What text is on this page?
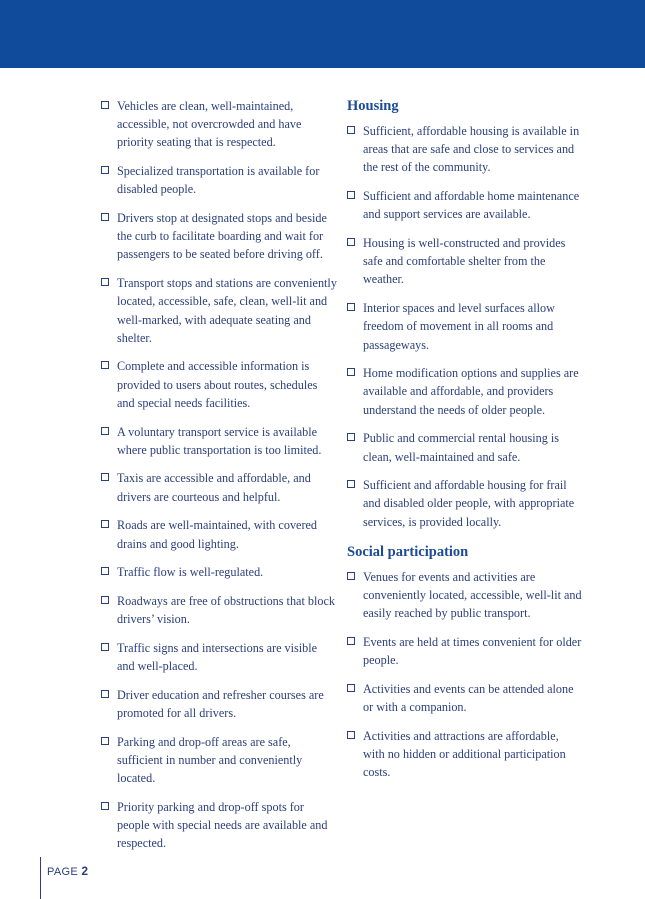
Vehicles are clean, well-maintained, accessible, not overcrowded and have priority seating that is respected.
Specialized transportation is available for disabled people.
Drivers stop at designated stops and beside the curb to facilitate boarding and wait for passengers to be seated before driving off.
Transport stops and stations are conveniently located, accessible, safe, clean, well-lit and well-marked, with adequate seating and shelter.
Complete and accessible information is provided to users about routes, schedules and special needs facilities.
A voluntary transport service is available where public transportation is too limited.
Taxis are accessible and affordable, and drivers are courteous and helpful.
Roads are well-maintained, with covered drains and good lighting.
Traffic flow is well-regulated.
Roadways are free of obstructions that block drivers’ vision.
Traffic signs and intersections are visible and well-placed.
Driver education and refresher courses are promoted for all drivers.
Parking and drop-off areas are safe, sufficient in number and conveniently located.
Priority parking and drop-off spots for people with special needs are available and respected.
Housing
Sufficient, affordable housing is available in areas that are safe and close to services and the rest of the community.
Sufficient and affordable home maintenance and support services are available.
Housing is well-constructed and provides safe and comfortable shelter from the weather.
Interior spaces and level surfaces allow freedom of movement in all rooms and passageways.
Home modification options and supplies are available and affordable, and providers understand the needs of older people.
Public and commercial rental housing is clean, well-maintained and safe.
Sufficient and affordable housing for frail and disabled older people, with appropriate services, is provided locally.
Social participation
Venues for events and activities are conveniently located, accessible, well-lit and easily reached by public transport.
Events are held at times convenient for older people.
Activities and events can be attended alone or with a companion.
Activities and attractions are affordable, with no hidden or additional participation costs.
PAGE 2
